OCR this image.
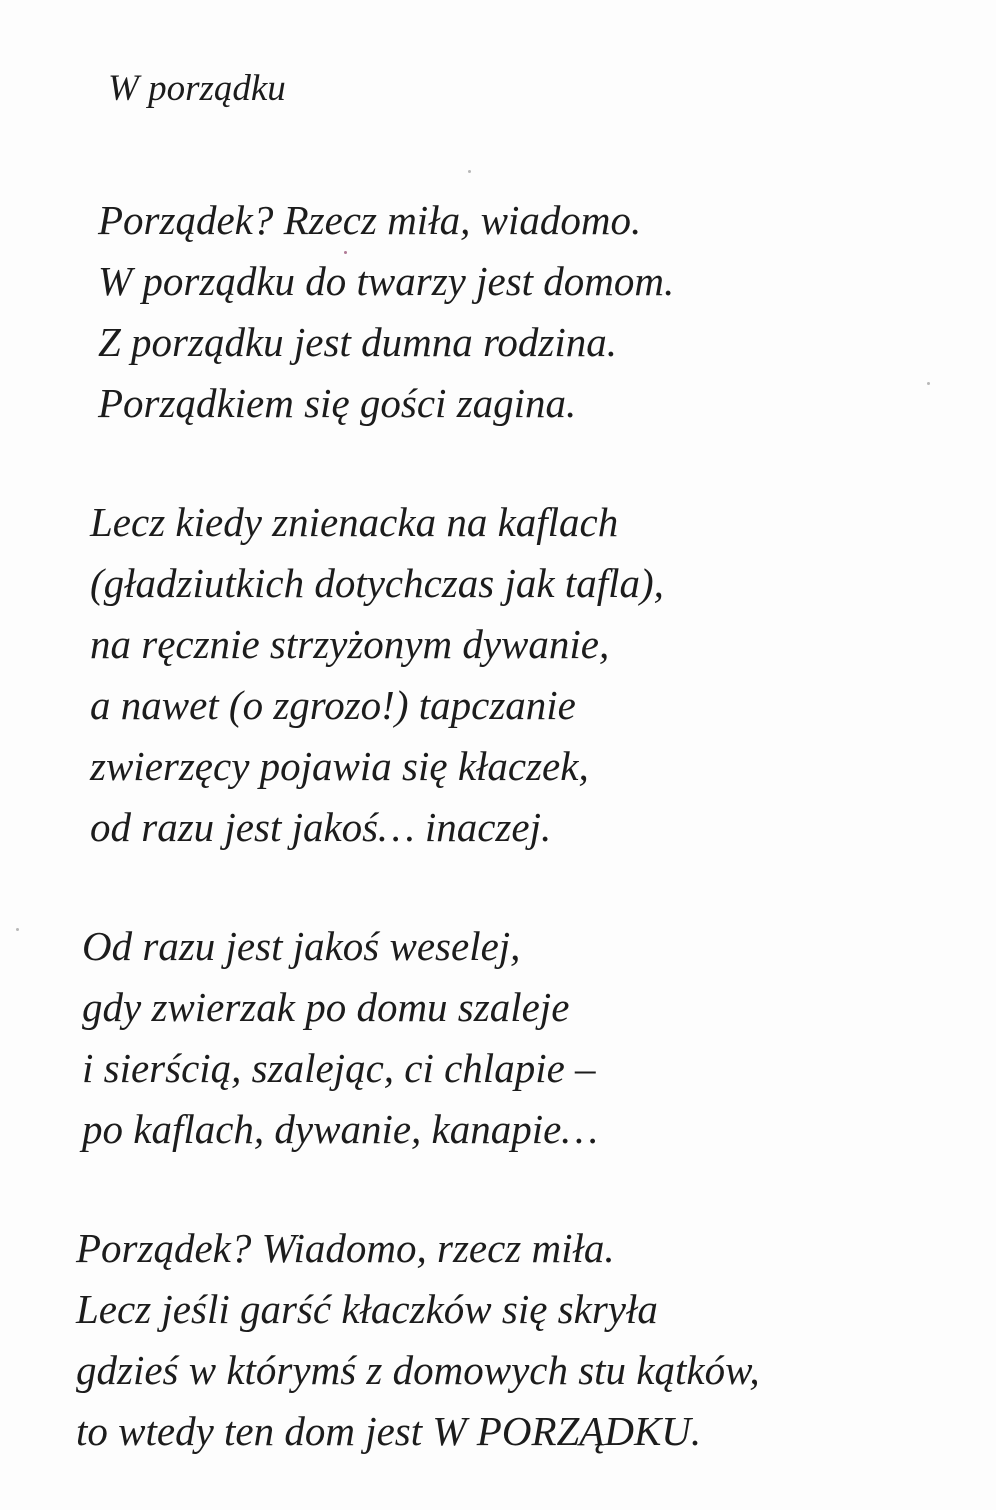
W porządku
Porządek? Rzecz miła, wiadomo.
W porządku do twarzy jest domom.
Z porządku jest dumna rodzina.
Porządkiem się gości zagina.
Lecz kiedy znienacka na kaflach
(gładziutkich dotychczas jak tafla),
na ręcznie strzyżonym dywanie,
a nawet (o zgrozo!) tapczanie
zwierzęcy pojawia się kłaczek,
od razu jest jakoś… inaczej.
Od razu jest jakoś weselej,
gdy zwierzak po domu szaleje
i sierścią, szalejąc, ci chlapie –
po kaflach, dywanie, kanapie…
Porządek? Wiadomo, rzecz miła.
Lecz jeśli garść kłaczków się skryła
gdzieś w którymś z domowych stu kątków,
to wtedy ten dom jest W PORZĄDKU.
